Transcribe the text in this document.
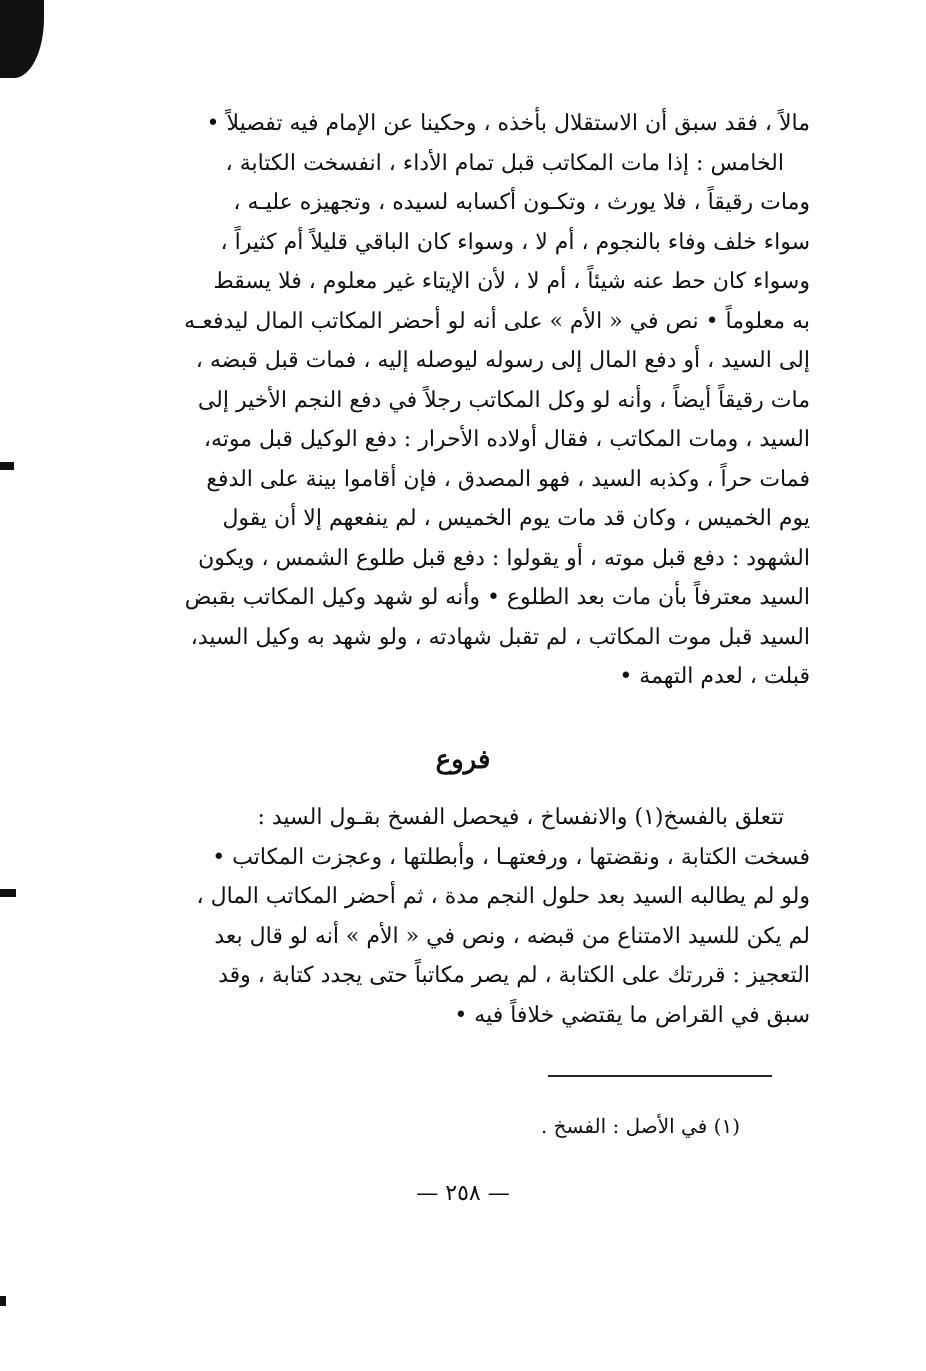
مالاً ، فقد سبق أن الاستقلال بأخذه ، وحكينا عن الإمام فيه تفصيلاً •
الخامس : إذا مات المكاتب قبل تمام الأداء ، انفسخت الكتابة ،
ومات رقيقاً ، فلا يورث ، وتكـون أكسابه لسيده ، وتجهيزه عليـه ،
سواء خلف وفاء بالنجوم ، أم لا ، وسواء كان الباقي قليلاً أم كثيراً ،
وسواء كان حط عنه شيئاً ، أم لا ، لأن الإيتاء غير معلوم ، فلا يسقط
به معلوماً • نص في « الأم » على أنه لو أحضر المكاتب المال ليدفعـه
إلى السيد ، أو دفع المال إلى رسوله ليوصله إليه ، فمات قبل قبضه ،
مات رقيقاً أيضاً ، وأنه لو وكل المكاتب رجلاً في دفع النجم الأخير إلى
السيد ، ومات المكاتب ، فقال أولاده الأحرار : دفع الوكيل قبل موته،
فمات حراً ، وكذبه السيد ، فهو المصدق ، فإن أقاموا بينة على الدفع
يوم الخميس ، وكان قد مات يوم الخميس ، لم ينفعهم إلا أن يقول
الشهود : دفع قبل موته ، أو يقولوا : دفع قبل طلوع الشمس ، ويكون
السيد معترفاً بأن مات بعد الطلوع • وأنه لو شهد وكيل المكاتب بقبض
السيد قبل موت المكاتب ، لم تقبل شهادته ، ولو شهد به وكيل السيد،
قبلت ، لعدم التهمة •
فروع
تتعلق بالفسخ(١) والانفساخ ، فيحصل الفسخ بقـول السيد :
فسخت الكتابة ، ونقضتها ، ورفعتهـا ، وأبطلتها ، وعجزت المكاتب •
ولو لم يطالبه السيد بعد حلول النجم مدة ، ثم أحضر المكاتب المال ،
لم يكن للسيد الامتناع من قبضه ، ونص في « الأم » أنه لو قال بعد
التعجيز : قررتك على الكتابة ، لم يصر مكاتباً حتى يجدد كتابة ، وقد
سبق في القراض ما يقتضي خلافاً فيه •
(١) في الأصل : الفسخ .
— ٢٥٨ —
